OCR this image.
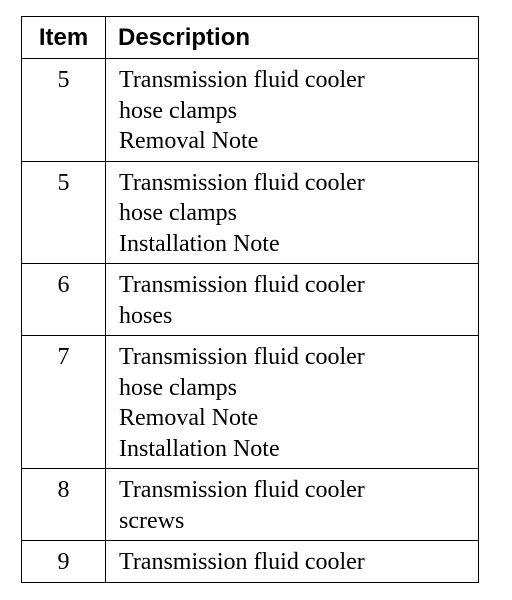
Item	Description
5	Transmission fluid cooler
hose clamps
Removal Note

5	Transmission fluid cooler
hose clamps
Installation Note

6	Transmission fluid cooler
hoses

7	Transmission fluid cooler
hose clamps
Removal Note
Installation Note

8	Transmission fluid cooler
screws

9	Transmission fluid cooler
